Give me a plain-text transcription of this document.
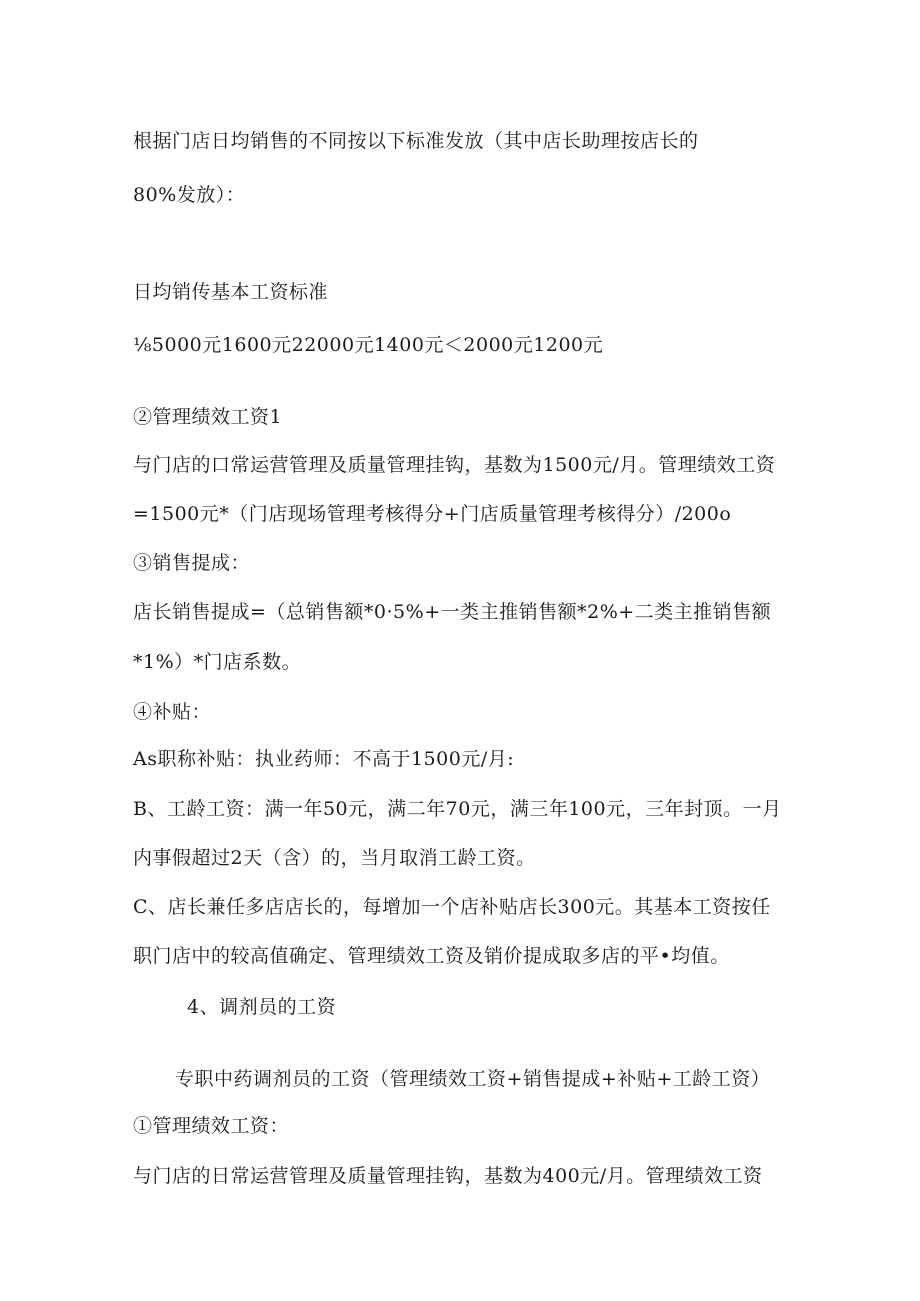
根据门店日均销售的不同按以下标准发放（其中店长助理按店长的
80%发放）：
日均销传基本工资标准
⅛5000元1600元22000元1400元＜2000元1200元
②管理绩效工资1
与门店的口常运营管理及质量管理挂钩，基数为1500元/月。管理绩效工资
=1500元*（门店现场管理考核得分+门店质量管理考核得分）/200o
③销售提成：
店长销售提成=（总销售额*0·5%+一类主推销售额*2%+二类主推销售额
*1%）*门店系数。
④补贴：
As职称补贴：执业药师：不高于1500元/月:
B、工龄工资：满一年50元，满二年70元，满三年100元，三年封顶。一月
内事假超过2天（含）的，当月取消工龄工资。
C、店长兼任多店店长的，每增加一个店补贴店长300元。其基本工资按任
职门店中的较高值确定、管理绩效工资及销价提成取多店的平•均值。
4、调剂员的工资
专职中药调剂员的工资（管理绩效工资+销售提成+补贴+工龄工资）
①管理绩效工资：
与门店的日常运营管理及质量管理挂钩，基数为400元/月。管理绩效工资
